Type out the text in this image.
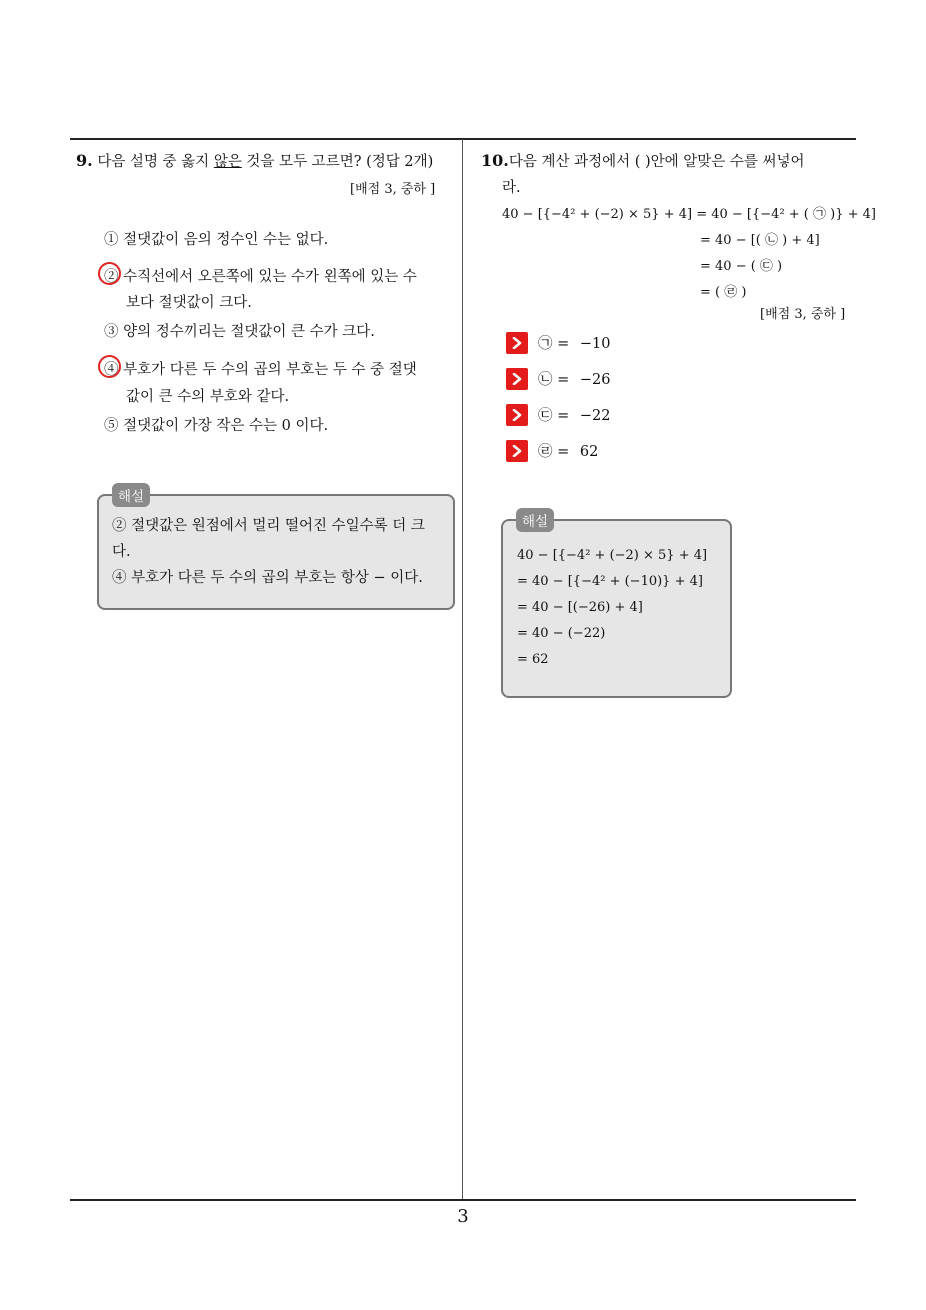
3
9. 다음 설명 중 옳지 않은 것을 모두 고르면? (정답 2개)
[배점 3, 중하 ]
① 절댓값이 음의 정수인 수는 없다.
② 수직선에서 오른쪽에 있는 수가 왼쪽에 있는 수
보다 절댓값이 크다.
③ 양의 정수끼리는 절댓값이 큰 수가 크다.
④ 부호가 다른 두 수의 곱의 부호는 두 수 중 절댓
값이 큰 수의 부호와 같다.
⑤ 절댓값이 가장 작은 수는 0 이다.
② 절댓값은 원점에서 멀리 떨어진 수일수록 더 크
다.
④ 부호가 다른 두 수의 곱의 부호는 항상 − 이다.
해설
10.다음 계산 과정에서 ( )안에 알맞은 수를 써넣어
라.
40 − [{−4² + (−2) × 5} + 4] = 40 − [{−4² + ( ㉠ )} + 4]
= 40 − [( ㉡ ) + 4]
= 40 − ( ㉢ )
= ( ㉣ )
[배점 3, 중하 ]
㉠ = −10
㉡ = −26
㉢ = −22
㉣ = 62
40 − [{−4² + (−2) × 5} + 4]
= 40 − [{−4² + (−10)} + 4]
= 40 − [(−26) + 4]
= 40 − (−22)
= 62
해설
